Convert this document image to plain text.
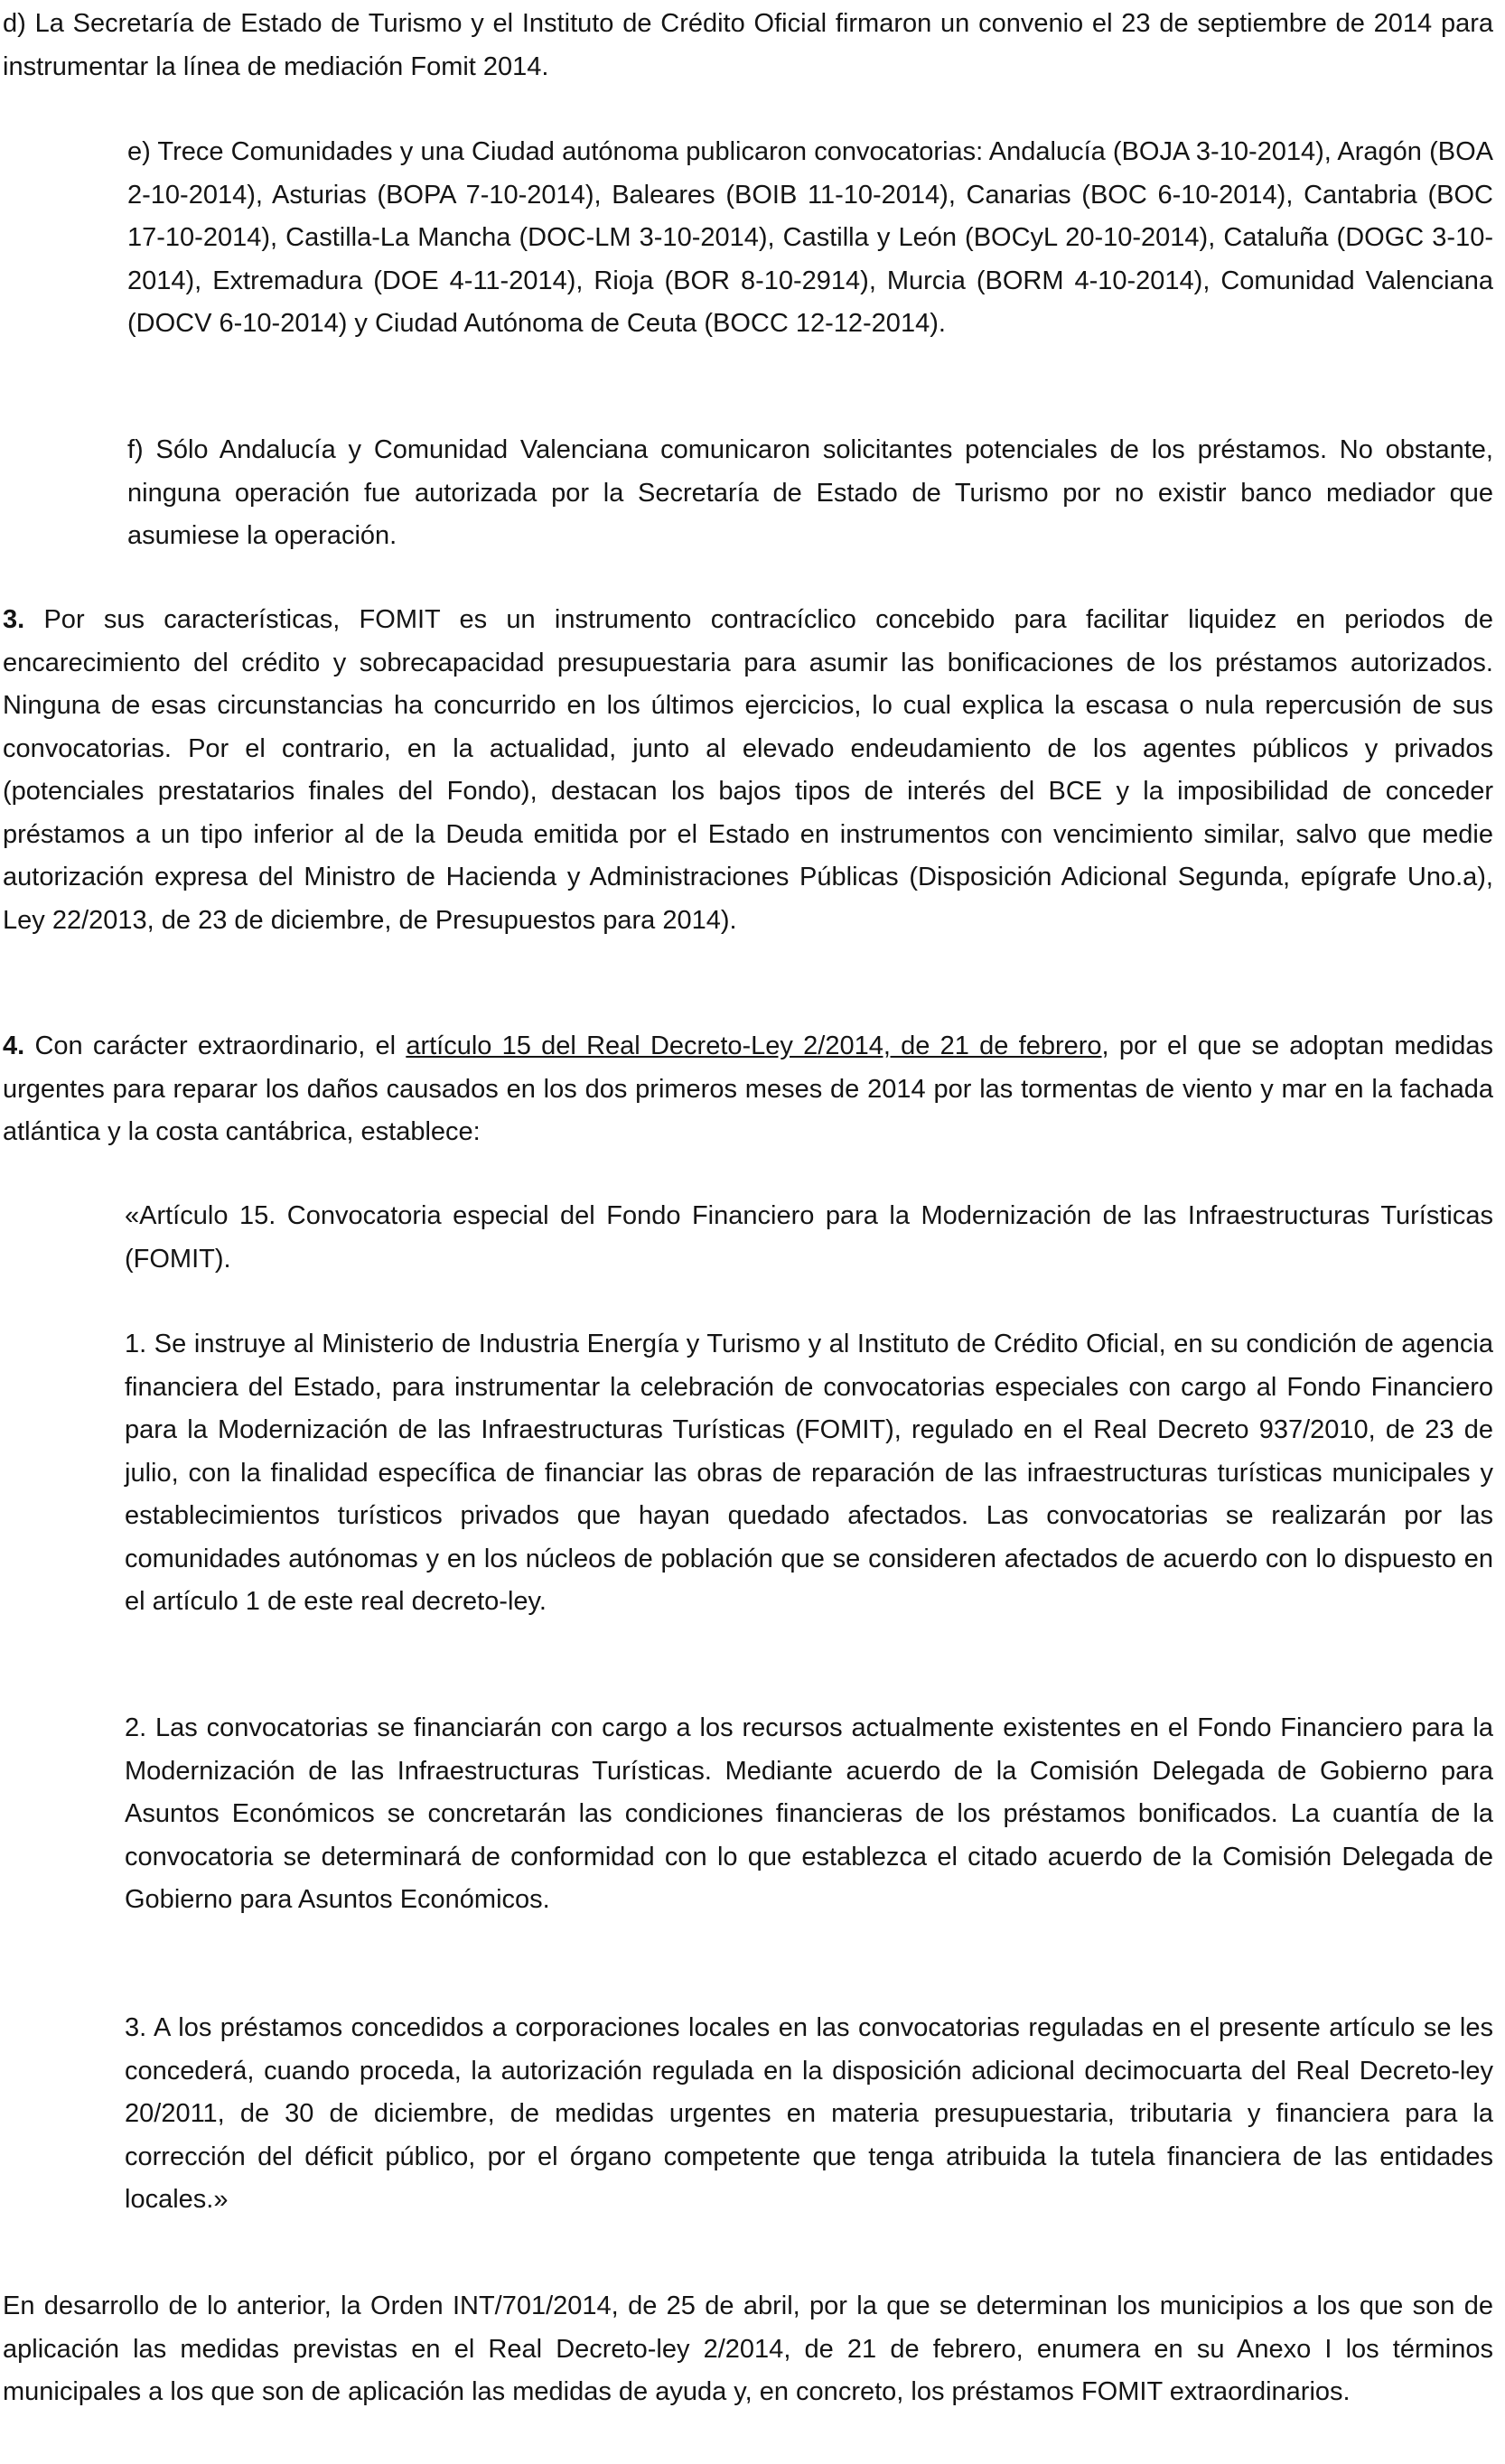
d) La Secretaría de Estado de Turismo y el Instituto de Crédito Oficial firmaron un convenio el 23 de septiembre de 2014 para instrumentar la línea de mediación Fomit 2014.

e) Trece Comunidades y una Ciudad autónoma publicaron convocatorias: Andalucía (BOJA 3-10-2014), Aragón (BOA 2-10-2014), Asturias (BOPA 7-10-2014), Baleares (BOIB 11-10-2014), Canarias (BOC 6-10-2014), Cantabria (BOC 17-10-2014), Castilla-La Mancha (DOC-LM 3-10-2014), Castilla y León (BOCyL 20-10-2014), Cataluña (DOGC 3-10-2014), Extremadura (DOE 4-11-2014), Rioja (BOR 8-10-2914), Murcia (BORM 4-10-2014), Comunidad Valenciana (DOCV 6-10-2014) y Ciudad Autónoma de Ceuta (BOCC 12-12-2014).

f) Sólo Andalucía y Comunidad Valenciana comunicaron solicitantes potenciales de los préstamos. No obstante, ninguna operación fue autorizada por la Secretaría de Estado de Turismo por no existir banco mediador que asumiese la operación.

3. Por sus características, FOMIT es un instrumento contracíclico concebido para facilitar liquidez en periodos de encarecimiento del crédito y sobrecapacidad presupuestaria para asumir las bonificaciones de los préstamos autorizados. Ninguna de esas circunstancias ha concurrido en los últimos ejercicios, lo cual explica la escasa o nula repercusión de sus convocatorias. Por el contrario, en la actualidad, junto al elevado endeudamiento de los agentes públicos y privados (potenciales prestatarios finales del Fondo), destacan los bajos tipos de interés del BCE y la imposibilidad de conceder préstamos a un tipo inferior al de la Deuda emitida por el Estado en instrumentos con vencimiento similar, salvo que medie autorización expresa del Ministro de Hacienda y Administraciones Públicas (Disposición Adicional Segunda, epígrafe Uno.a), Ley 22/2013, de 23 de diciembre, de Presupuestos para 2014).

4. Con carácter extraordinario, el artículo 15 del Real Decreto-Ley 2/2014, de 21 de febrero, por el que se adoptan medidas urgentes para reparar los daños causados en los dos primeros meses de 2014 por las tormentas de viento y mar en la fachada atlántica y la costa cantábrica, establece:

«Artículo 15. Convocatoria especial del Fondo Financiero para la Modernización de las Infraestructuras Turísticas (FOMIT).

1. Se instruye al Ministerio de Industria Energía y Turismo y al Instituto de Crédito Oficial, en su condición de agencia financiera del Estado, para instrumentar la celebración de convocatorias especiales con cargo al Fondo Financiero para la Modernización de las Infraestructuras Turísticas (FOMIT), regulado en el Real Decreto 937/2010, de 23 de julio, con la finalidad específica de financiar las obras de reparación de las infraestructuras turísticas municipales y establecimientos turísticos privados que hayan quedado afectados. Las convocatorias se realizarán por las comunidades autónomas y en los núcleos de población que se consideren afectados de acuerdo con lo dispuesto en el artículo 1 de este real decreto-ley.

2. Las convocatorias se financiarán con cargo a los recursos actualmente existentes en el Fondo Financiero para la Modernización de las Infraestructuras Turísticas. Mediante acuerdo de la Comisión Delegada de Gobierno para Asuntos Económicos se concretarán las condiciones financieras de los préstamos bonificados. La cuantía de la convocatoria se determinará de conformidad con lo que establezca el citado acuerdo de la Comisión Delegada de Gobierno para Asuntos Económicos.

3. A los préstamos concedidos a corporaciones locales en las convocatorias reguladas en el presente artículo se les concederá, cuando proceda, la autorización regulada en la disposición adicional decimocuarta del Real Decreto-ley 20/2011, de 30 de diciembre, de medidas urgentes en materia presupuestaria, tributaria y financiera para la corrección del déficit público, por el órgano competente que tenga atribuida la tutela financiera de las entidades locales.»

En desarrollo de lo anterior, la Orden INT/701/2014, de 25 de abril, por la que se determinan los municipios a los que son de aplicación las medidas previstas en el Real Decreto-ley 2/2014, de 21 de febrero, enumera en su Anexo I los términos municipales a los que son de aplicación las medidas de ayuda y, en concreto, los préstamos FOMIT extraordinarios.
